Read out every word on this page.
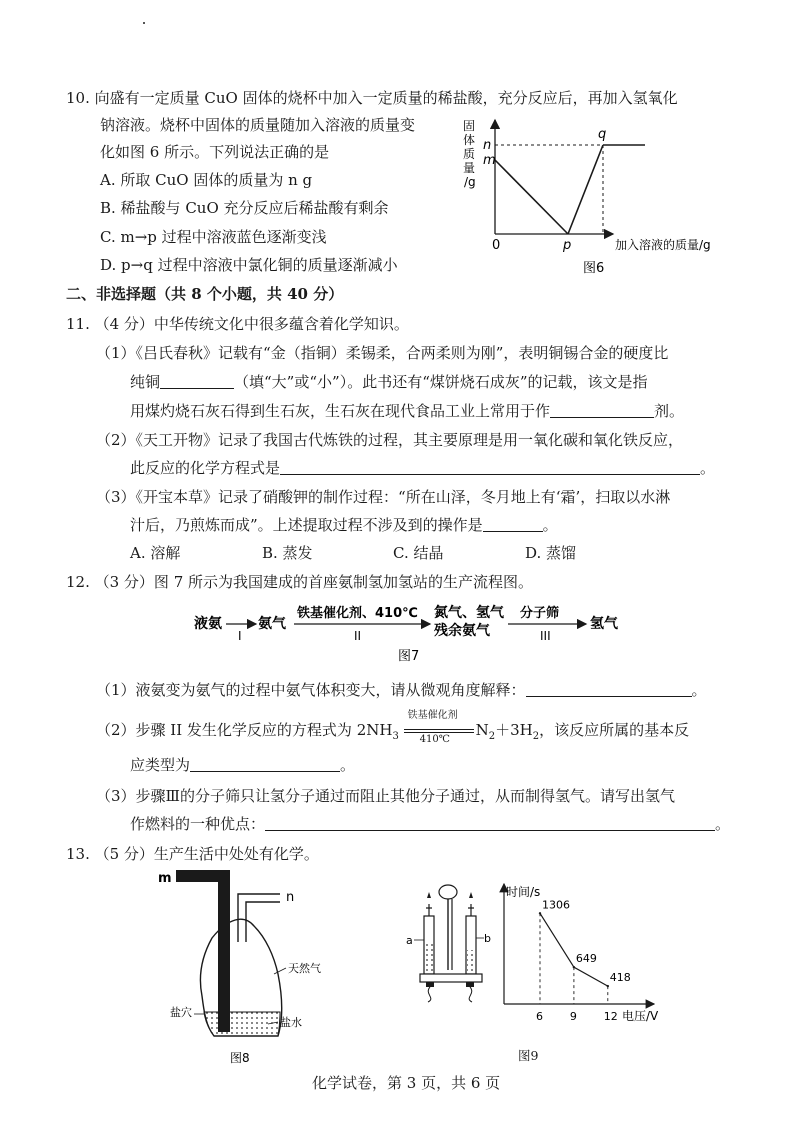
10. 向盛有一定质量 CuO 固体的烧杯中加入一定质量的稀盐酸，充分反应后，再加入氢氧化
钠溶液。烧杯中固体的质量随加入溶液的质量变
化如图 6 所示。下列说法正确的是
A. 所取 CuO 固体的质量为 n g
B. 稀盐酸与 CuO 充分反应后稀盐酸有剩余
C. m→p 过程中溶液蓝色逐渐变浅
D. p→q 过程中溶液中氯化铜的质量逐渐减小
固
体
质
量
/g
n
m
q
p
0	加入溶液的质量/g
图6
二、非选择题（共 8 个小题，共 40 分）
11. （4 分）中华传统文化中很多蕴含着化学知识。
（1）《吕氏春秋》记载有“金（指铜）柔锡柔，合两柔则为刚”，表明铜锡合金的硬度比
纯铜	（填“大”或“小”）。此书还有“煤饼烧石成灰”的记载，该文是指
用煤灼烧石灰石得到生石灰，生石灰在现代食品工业上常用于作	剂。
（2）《天工开物》记录了我国古代炼铁的过程，其主要原理是用一氧化碳和氧化铁反应，
此反应的化学方程式是	。
（3）《开宝本草》记录了硝酸钾的制作过程：“所在山泽，冬月地上有‘霜’，扫取以水淋
汁后，乃煎炼而成”。上述提取过程不涉及到的操作是	。
A. 溶解	B. 蒸发	C. 结晶	D. 蒸馏
12. （3 分）图 7 所示为我国建成的首座氨制氢加氢站的生产流程图。
液氨
I
氨气
铁基催化剂、410℃
II
氮气、氢气
残余氨气
分子筛
III
氢气
图7
（1）液氨变为氨气的过程中氨气体积变大，请从微观角度解释：	。
（2）步骤 II 发生化学反应的方程式为 $2NH_3$
铁基催化剂
410℃
$N_2+3H_2$，该反应所属的基本反
应类型为	。
（3）步骤Ⅲ的分子筛只让氢分子通过而阻止其他分子通过，从而制得氢气。请写出氢气
作燃料的一种优点：	。
13. （5 分）生产生活中处处有化学。
m
n
天然气
盐穴
盐水
图8
a	b
图9
时间/s
电压/V
1306
6
649
9
418
12
化学试卷，第 3 页，共 6 页
